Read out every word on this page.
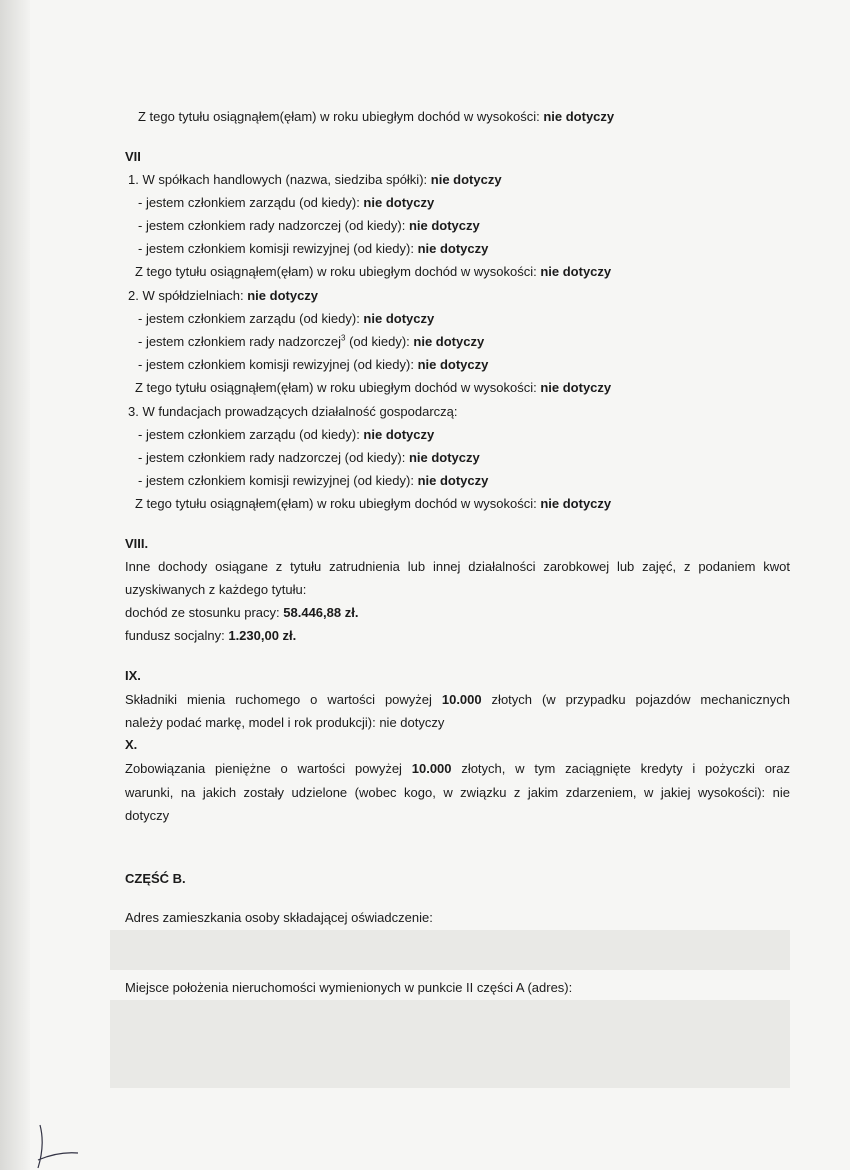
Z tego tytułu osiągnąłem(ęłam) w roku ubiegłym dochód w wysokości: nie dotyczy
VII
1. W spółkach handlowych (nazwa, siedziba spółki): nie dotyczy
- jestem członkiem zarządu (od kiedy): nie dotyczy
- jestem członkiem rady nadzorczej (od kiedy): nie dotyczy
- jestem członkiem komisji rewizyjnej (od kiedy): nie dotyczy
Z tego tytułu osiągnąłem(ęłam) w roku ubiegłym dochód w wysokości: nie dotyczy
2. W spółdzielniach: nie dotyczy
- jestem członkiem zarządu (od kiedy): nie dotyczy
- jestem członkiem rady nadzorczej$^3$ (od kiedy): nie dotyczy
- jestem członkiem komisji rewizyjnej (od kiedy): nie dotyczy
Z tego tytułu osiągnąłem(ęłam) w roku ubiegłym dochód w wysokości: nie dotyczy
3. W fundacjach prowadzących działalność gospodarczą:
- jestem członkiem zarządu (od kiedy): nie dotyczy
- jestem członkiem rady nadzorczej (od kiedy): nie dotyczy
- jestem członkiem komisji rewizyjnej (od kiedy): nie dotyczy
Z tego tytułu osiągnąłem(ęłam) w roku ubiegłym dochód w wysokości: nie dotyczy
VIII.
Inne dochody osiągane z tytułu zatrudnienia lub innej działalności zarobkowej lub zajęć, z podaniem kwot
uzyskiwanych z każdego tytułu:
dochód ze stosunku pracy: 58.446,88 zł.
fundusz socjalny: 1.230,00 zł.
IX.
Składniki mienia ruchomego o wartości powyżej 10.000 złotych (w przypadku pojazdów mechanicznych
należy podać markę, model i rok produkcji): nie dotyczy
X.
Zobowiązania pieniężne o wartości powyżej 10.000 złotych, w tym zaciągnięte kredyty i pożyczki oraz
warunki, na jakich zostały udzielone (wobec kogo, w związku z jakim zdarzeniem, w jakiej wysokości): nie
dotyczy
CZĘŚĆ B.
Adres zamieszkania osoby składającej oświadczenie:
Miejsce położenia nieruchomości wymienionych w punkcie II części A (adres):
